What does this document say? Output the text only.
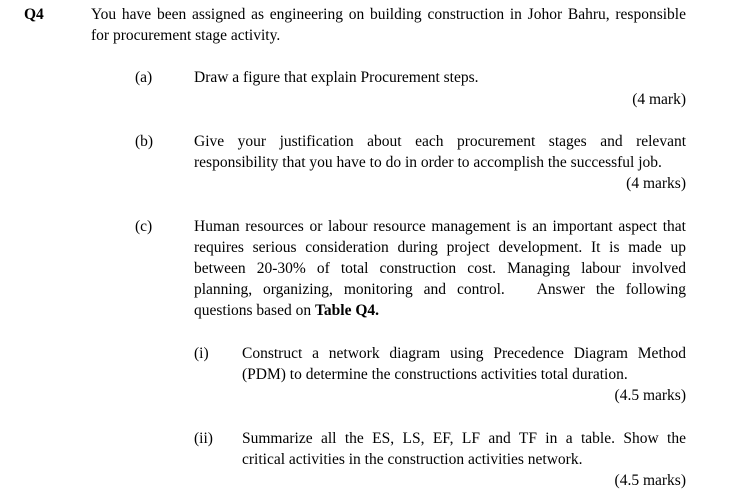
Q4	You have been assigned as engineering on building construction in Johor Bahru, responsible
for procurement stage activity.
(a)	Draw a figure that explain Procurement steps.
(4 mark)
(b)	Give your justification about each procurement stages and relevant
responsibility that you have to do in order to accomplish the successful job.
(4 marks)
(c)	Human resources or labour resource management is an important aspect that
requires serious consideration during project development. It is made up
between 20-30% of total construction cost. Managing labour involved
planning, organizing, monitoring and control.   Answer the following
questions based on Table Q4.
(i) Construct a network diagram using Precedence Diagram Method
(PDM) to determine the constructions activities total duration.
(4.5 marks)
(ii) Summarize all the ES, LS, EF, LF and TF in a table. Show the
critical activities in the construction activities network.
(4.5 marks)
